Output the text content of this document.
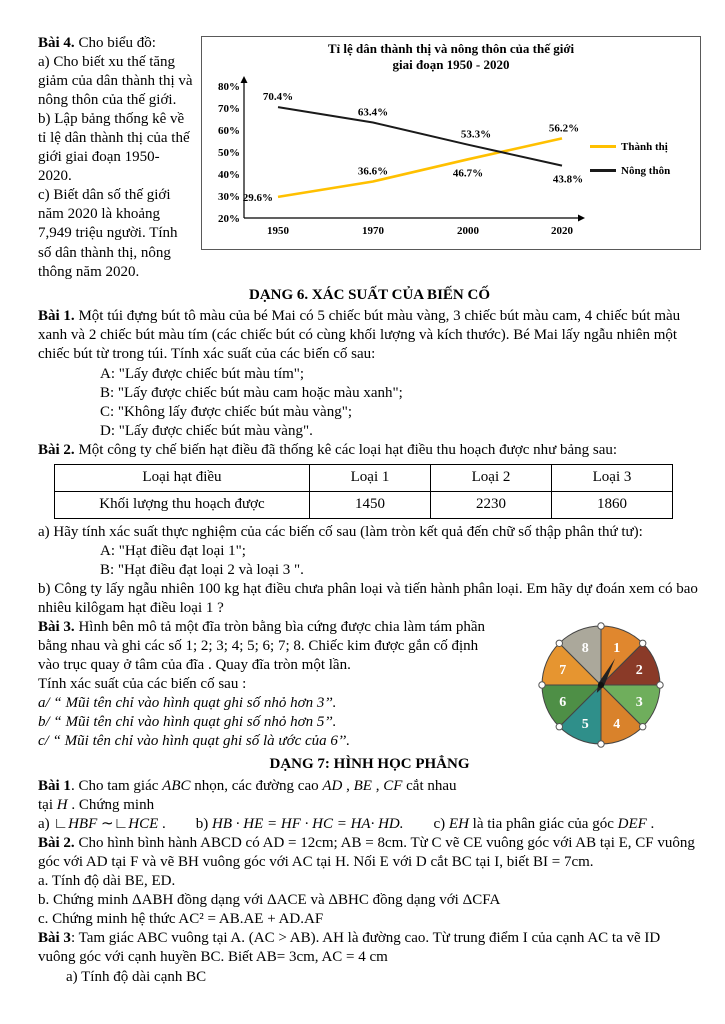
Tỉ lệ dân thành thị và nông thôn của thế giới
giai đoạn 1950 - 2020
20%
30%
40%
50%
60%
70%
80%
1950	1970	2000	2020
29.6%
36.6%	46.7%
56.2%
70.4%
63.4%
53.3%
43.8%
Thành thị
Nông thôn

Bài 4. Cho biểu đồ:

a) Cho biết xu thế tăng giảm của dân thành thị và nông thôn của thế giới.

b) Lập bảng thống kê về tỉ lệ dân thành thị của thế giới giai đoạn 1950-2020.

c) Biết dân số thế giới năm 2020 là khoảng 7,949 triệu người. Tính số dân thành thị, nông thông năm 2020.

DẠNG 6. XÁC SUẤT CỦA BIẾN CỐ

Bài 1. Một túi đựng bút tô màu của bé Mai có 5 chiếc bút màu vàng, 3 chiếc bút màu cam, 4 chiếc bút màu xanh và 2 chiếc bút màu tím (các chiếc bút có cùng khối lượng và kích thước). Bé Mai lấy ngẫu nhiên một chiếc bút từ trong túi. Tính xác suất của các biến cố sau:

A: "Lấy được chiếc bút màu tím";

B: "Lấy được chiếc bút màu cam hoặc màu xanh";

C: "Không lấy được chiếc bút màu vàng";

D: "Lấy được chiếc bút màu vàng".

Bài 2. Một công ty chế biến hạt điều đã thống kê các loại hạt điều thu hoạch được như bảng sau:

Loại hạt điều	Loại 1	Loại 2	Loại 3
Khối lượng thu hoạch được	1450	2230	1860

a) Hãy tính xác suất thực nghiệm của các biến cố sau (làm tròn kết quả đến chữ số thập phân thứ tư):

A: "Hạt điều đạt loại 1";

B: "Hạt điều đạt loại 2 và loại 3 ".

b) Công ty lấy ngẫu nhiên 100 kg hạt điều chưa phân loại và tiến hành phân loại. Em hãy dự đoán xem có bao nhiêu kilôgam hạt điều loại 1 ?

1
2
3
4
5
6
7
8

Bài 3. Hình bên mô tả một đĩa tròn bằng bìa cứng được chia làm tám phần bằng nhau và ghi các số 1; 2; 3; 4; 5; 6; 7; 8. Chiếc kim được gắn cố định vào trục quay ở tâm của đĩa . Quay đĩa tròn một lần.

Tính xác suất của các biến cố sau :

a/ “ Mũi tên chỉ vào hình quạt ghi số nhỏ hơn 3’’.

b/ “ Mũi tên chỉ vào hình quạt ghi số nhỏ hơn 5’’.

c/ “ Mũi tên chỉ vào hình quạt ghi số là ước của 6’’.

DẠNG 7: HÌNH HỌC PHẲNG

Bài 1. Cho tam giác ABC nhọn, các đường cao AD , BE , CF cắt nhau

tại H . Chứng minh

a) ∟HBF ∼∟HCE . b) HB · HE = HF · HC = HA· HD. c) EH là tia phân giác của góc DEF .

Bài 2. Cho hình bình hành ABCD có AD = 12cm; AB = 8cm. Từ C vẽ CE vuông góc với AB tại E, CF vuông góc với AD tại F và vẽ BH vuông góc với AC tại H. Nối E với D cắt BC tại I, biết BI = 7cm.

a. Tính độ dài BE, ED.

b. Chứng minh ΔABH đồng dạng với ΔACE và ΔBHC đồng dạng với ΔCFA

c. Chứng minh hệ thức AC² = AB.AE + AD.AF

Bài 3: Tam giác ABC vuông tại A. (AC > AB). AH là đường cao. Từ trung điểm I của cạnh AC ta vẽ ID vuông góc với cạnh huyền BC. Biết AB= 3cm, AC = 4 cm

a) Tính độ dài cạnh BC
